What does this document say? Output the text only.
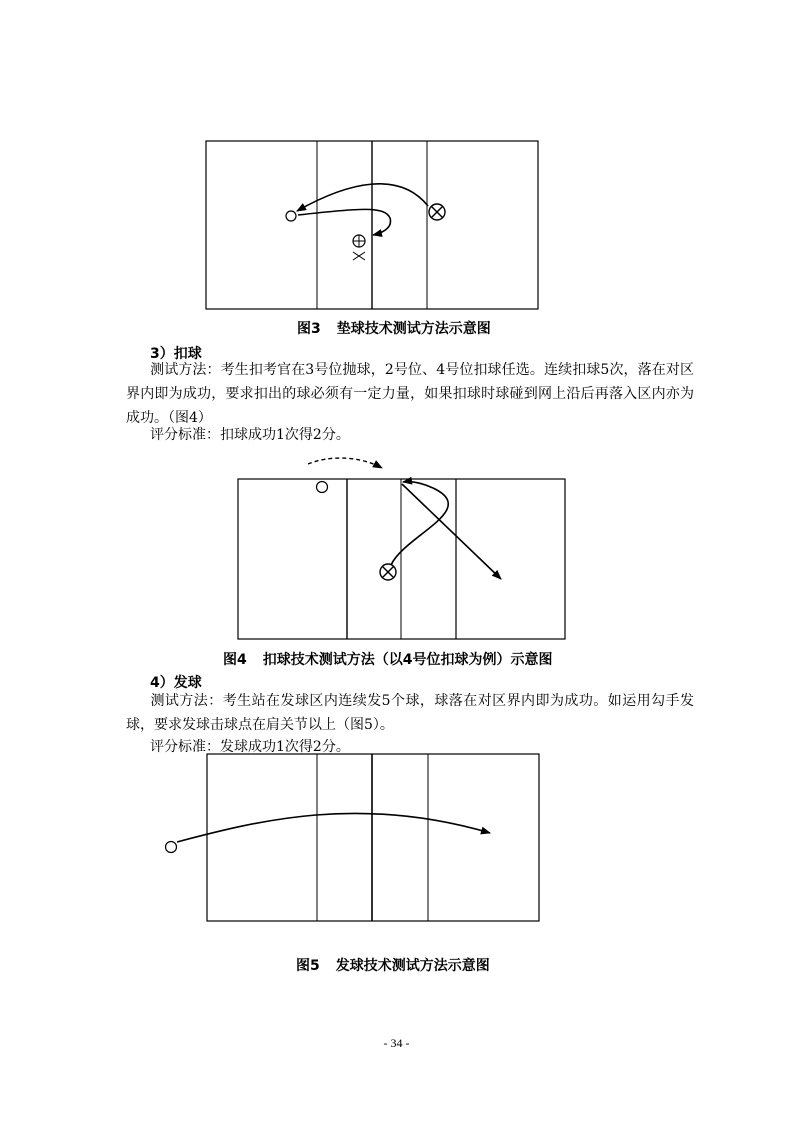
图3 垫球技术测试方法示意图
3）扣球
测试方法：考生扣考官在3号位抛球，2号位、4号位扣球任选。连续扣球5次，落在对区界内即为成功，要求扣出的球必须有一定力量，如果扣球时球碰到网上沿后再落入区内亦为成功。（图4）
评分标准：扣球成功1次得2分。
图4 扣球技术测试方法（以4号位扣球为例）示意图
4）发球
测试方法：考生站在发球区内连续发5个球，球落在对区界内即为成功。如运用勾手发球，要求发球击球点在肩关节以上（图5）。
评分标准：发球成功1次得2分。
图5 发球技术测试方法示意图
- 34 -
